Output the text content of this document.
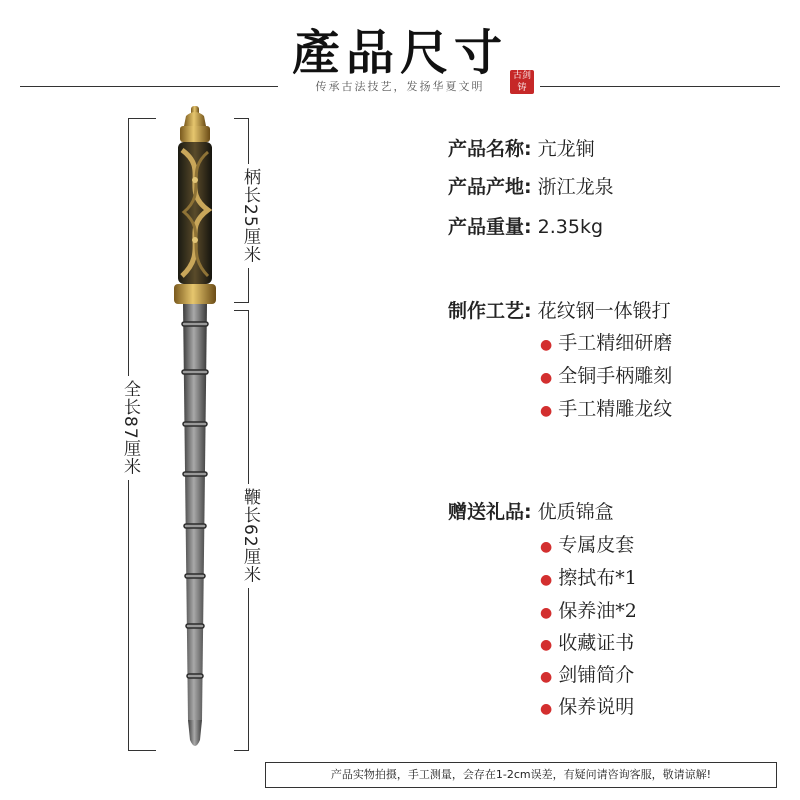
產品尺寸
传承古法技艺，发扬华夏文明
古剑铸
全长87厘米
柄长25厘米
鞭长62厘米
产品名称: 亢龙锏
产品产地: 浙江龙泉
产品重量: 2.35kg
制作工艺: 花纹钢一体锻打
● 手工精细研磨
● 全铜手柄雕刻
● 手工精雕龙纹
赠送礼品: 优质锦盒
● 专属皮套
● 擦拭布*1
● 保养油*2
● 收藏证书
● 剑铺简介
● 保养说明
产品实物拍摄，手工测量，会存在1-2cm误差，有疑问请咨询客服，敬请谅解!
